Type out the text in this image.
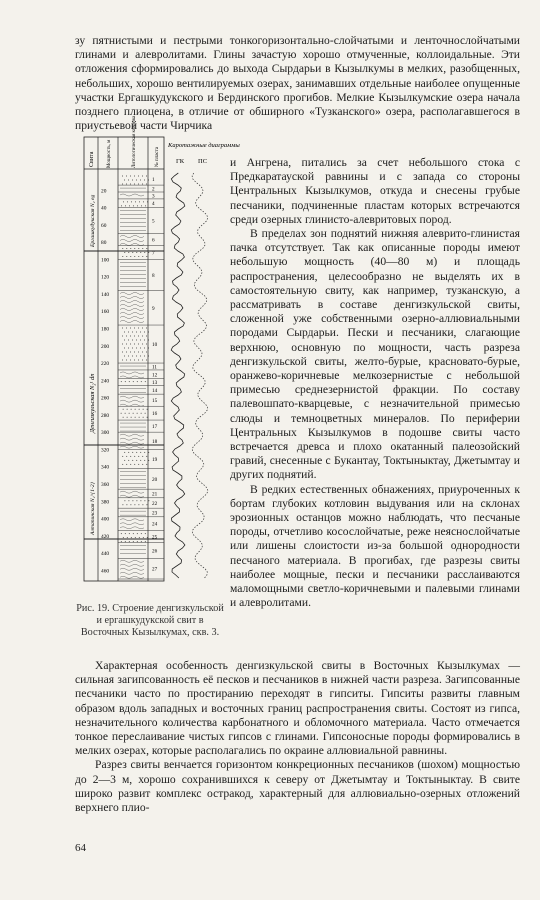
зу пятнистыми и пестрыми тонкогоризонтально-слойчатыми и ленточнослойчатыми глинами и алевролитами. Глины зачастую хорошо отмученные, коллоидальные. Эти отложения сформировались до выхода Сырдарьи в Кызылкумы в мелких, разобщенных, небольших, хорошо вентилируемых озерах, занимавших отдельные наиболее опущенные участки Ергашкудукского и Бердинского прогибов. Мелкие Кызылкумские озера начала позднего плиоцена, в отличие от обширного «Тузканского» озера, располагавшегося в приустьевой части Чирчика

Свита Мощность, м	Литологическая колонка	№ пласта
Каротажные диаграммы
ГК ПС
Ергашкудукская N₂ eg
Денгизкульская N₂¹ dn
Алтапинская N₂^{1-2}
20
40
60
80
100
120
140
160
180
200
220
240
260
280
300
320
340
360
380
400
420
440
460
1
2
3
4
5
6
7
8
9
10
11
12
13
14
15
16
17
18
19
20
21
22
23
24
25
26
27
Рис. 19. Строение денгизкульской и ергашкудукской свит в Восточных Кызылкумах, скв. 3.

и Ангрена, питались за счет небольшого стока с Предкаратауской равнины и с запада со стороны Центральных Кызылкумов, откуда и снесены грубые песчаники, подчиненные пластам которых встречаются среди озерных глинисто-алевритовых пород.

В пределах зон поднятий нижняя алеврито-глинистая пачка отсутствует. Так как описанные породы имеют небольшую мощность (40—80 м) и площадь распространения, целесообразно не выделять их в самостоятельную свиту, как например, тузканскую, а рассматривать в составе денгизкульской свиты, сложенной уже собственными озерно-аллювиальными породами Сырдарьи. Пески и песчаники, слагающие верхнюю, основную по мощности, часть разреза денгизкульской свиты, желто-бурые, красновато-бурые, оранжево-коричневые мелкозернистые с небольшой примесью среднезернистой фракции. По составу палевошпато-кварцевые, с незначительной примесью слюды и темноцветных минералов. По периферии Центральных Кызылкумов в подошве свиты часто встречается древса и плохо окатанный палеозойский гравий, снесенные с Букантау, Токтыныктау, Джетымтау и других поднятий.

В редких естественных обнажениях, приуроченных к бортам глубоких котловин выдувания или на склонах эрозионных останцов можно наблюдать, что песчаные породы, отчетливо косослойчатые, реже неяснослойчатые или лишены слоистости из-за большой однородности песчаного материала. В прогибах, где разрезы свиты наиболее мощные, пески и песчаники расслаиваются маломощными светло-коричневыми и палевыми глинами и алевролитами.

Характерная особенность денгизкульской свиты в Восточных Кызылкумах — сильная загипсованность её песков и песчаников в нижней части разреза. Загипсованные песчаники часто по простиранию переходят в гипситы. Гипситы развиты главным образом вдоль западных и восточных границ распространения свиты. Состоят из гипса, незначительного количества карбонатного и обломочного материала. Часто отмечается тонкое переслаивание чистых гипсов с глинами. Гипсоносные породы формировались в мелких озерах, которые располагались по окраине аллювиальной равнины.

Разрез свиты венчается горизонтом конкреционных песчаников (шохом) мощностью до 2—3 м, хорошо сохранившихся к северу от Джетымтау и Токтыныктау. В свите широко развит комплекс остракод, характерный для аллювиально-озерных отложений верхнего плио-

64
